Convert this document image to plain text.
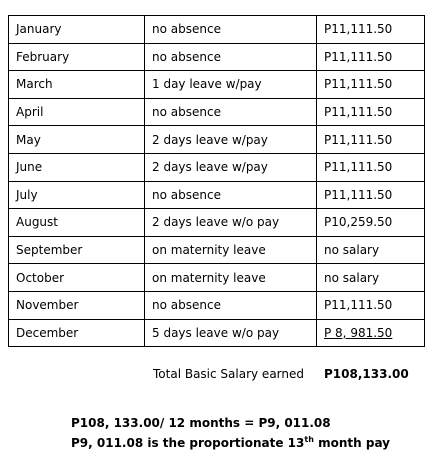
January	no absence	P11,111.50
February	no absence	P11,111.50
March	1 day leave w/pay	P11,111.50
April	no absence	P11,111.50
May	2 days leave w/pay	P11,111.50
June	2 days leave w/pay	P11,111.50
July	no absence	P11,111.50
August	2 days leave w/o pay	P10,259.50
September	on maternity leave	no salary
October	on maternity leave	no salary
November	no absence	P11,111.50
December	5 days leave w/o pay	P 8, 981.50
Total Basic Salary earned P108,133.00
P108, 133.00/ 12 months = P9, 011.08
P9, 011.08 is the proportionate 13th month pay
